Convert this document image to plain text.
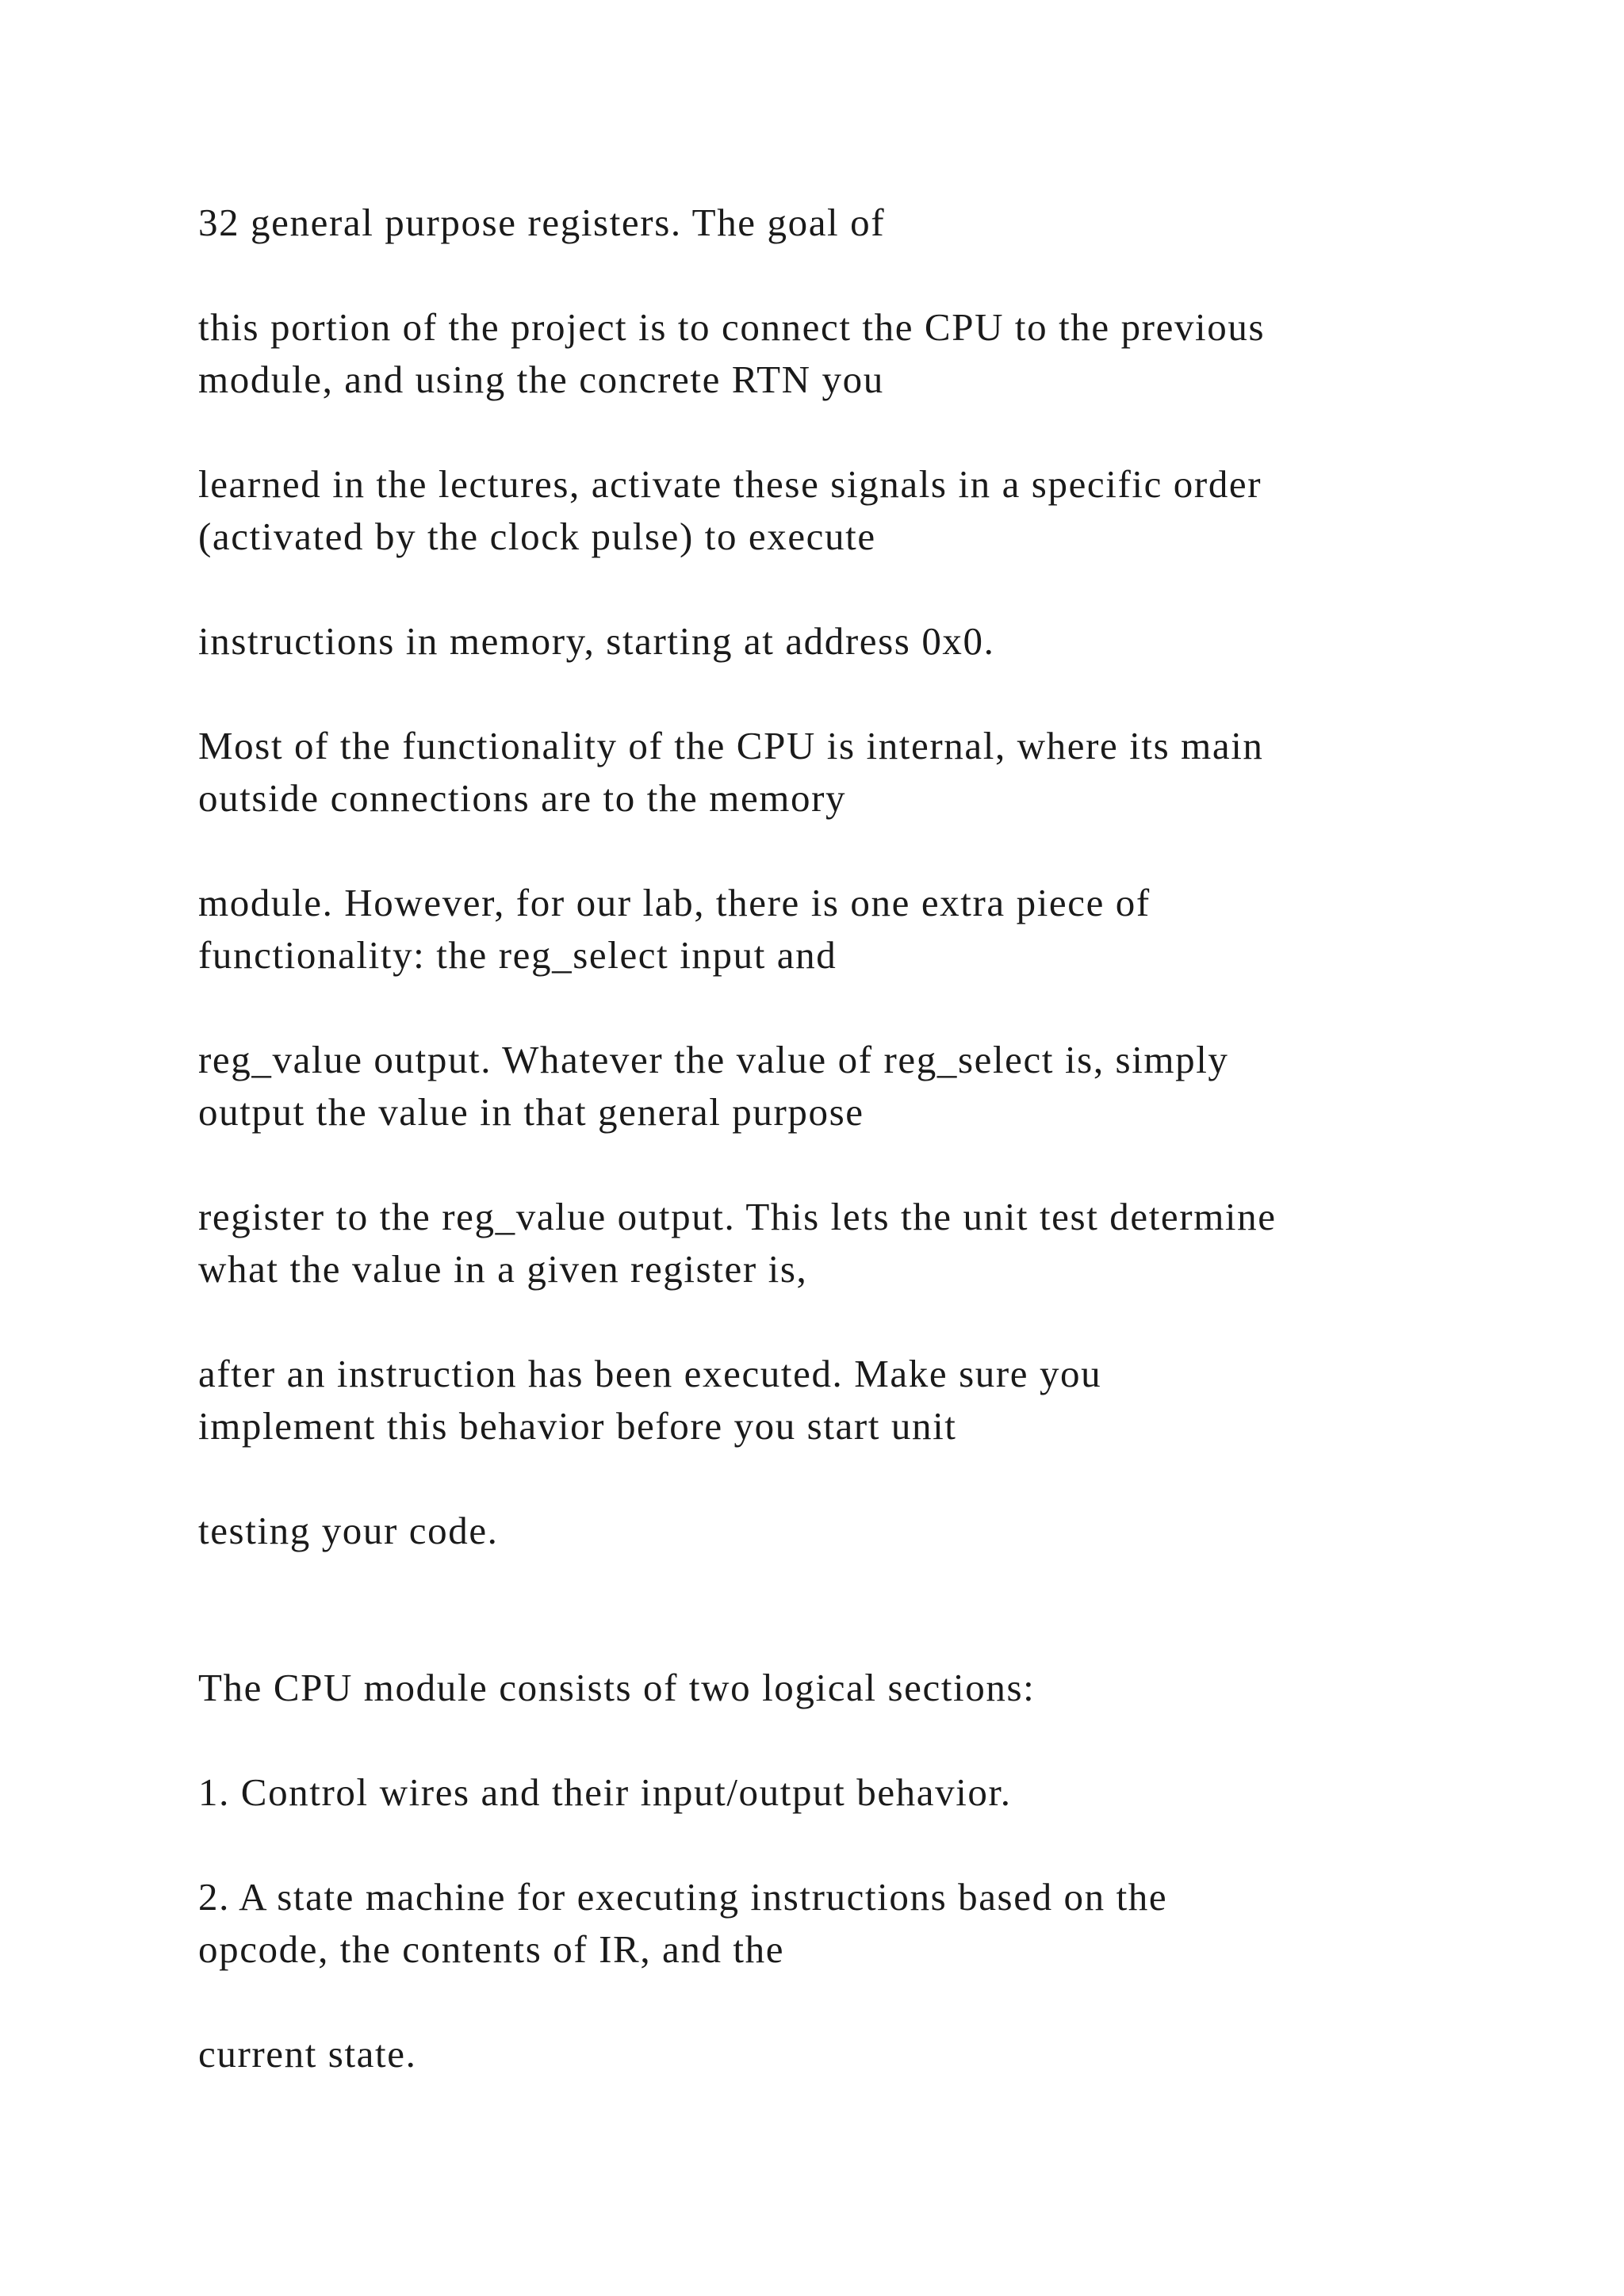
32 general purpose registers. The goal of

this portion of the project is to connect the CPU to the previous

module, and using the concrete RTN you

learned in the lectures, activate these signals in a specific order

(activated by the clock pulse) to execute

instructions in memory, starting at address 0x0.

Most of the functionality of the CPU is internal, where its main

outside connections are to the memory

module. However, for our lab, there is one extra piece of

functionality: the reg_select input and

reg_value output. Whatever the value of reg_select is, simply

output the value in that general purpose

register to the reg_value output. This lets the unit test determine

what the value in a given register is,

after an instruction has been executed. Make sure you

implement this behavior before you start unit

testing your code.

The CPU module consists of two logical sections:

1. Control wires and their input/output behavior.

2. A state machine for executing instructions based on the

opcode, the contents of IR, and the

current state.
